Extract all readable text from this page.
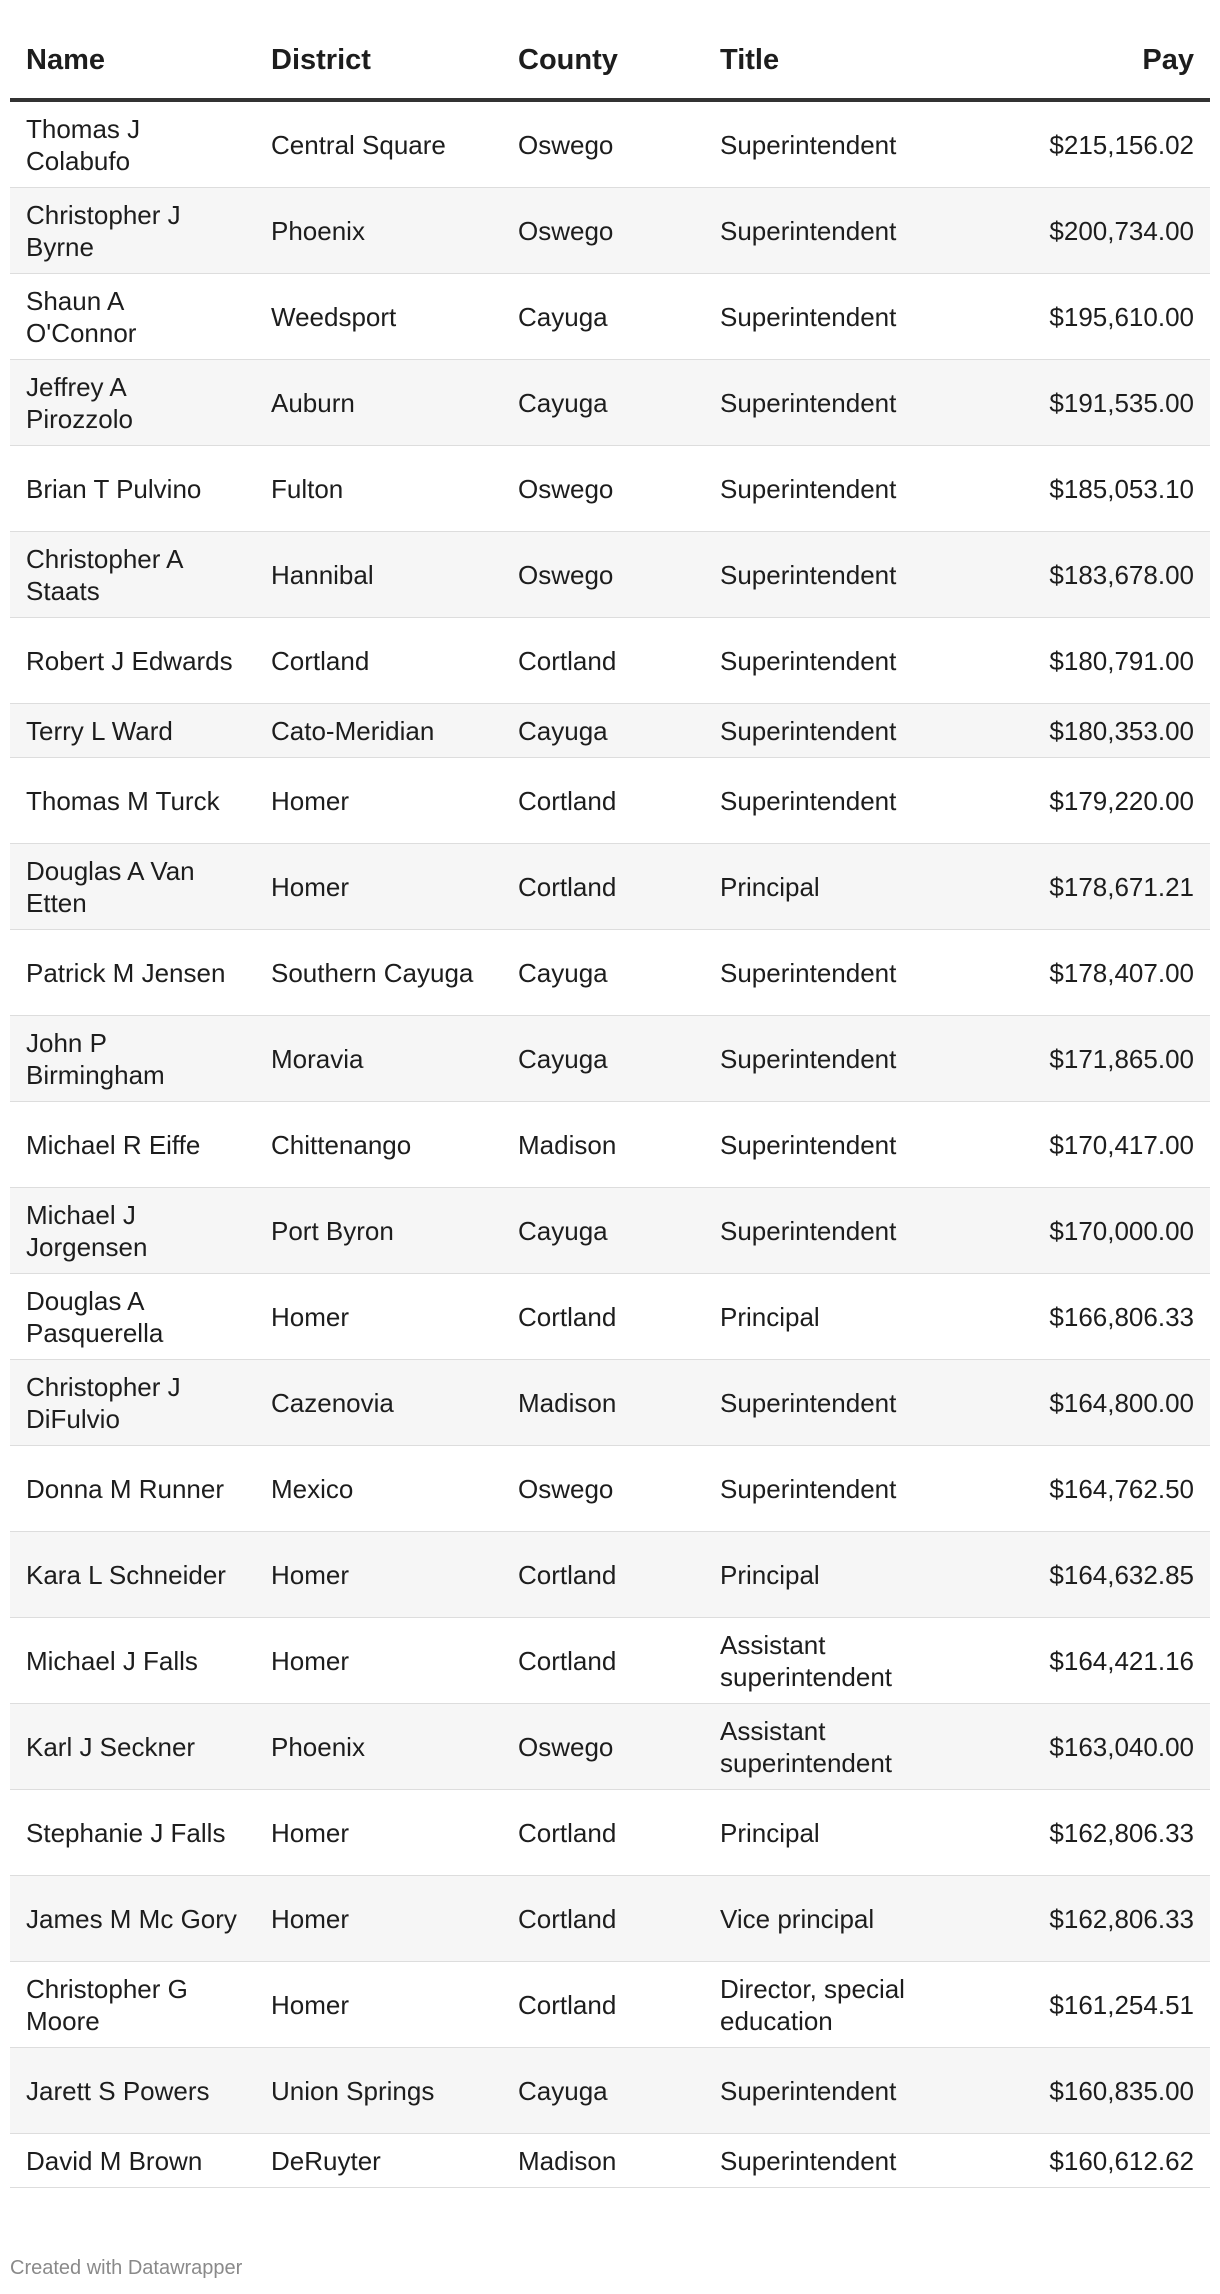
Name	District	County	Title	Pay
Thomas J Colabufo	Central Square	Oswego	Superintendent	$215,156.02
Christopher J Byrne	Phoenix	Oswego	Superintendent	$200,734.00
Shaun A O'Connor	Weedsport	Cayuga	Superintendent	$195,610.00
Jeffrey A Pirozzolo	Auburn	Cayuga	Superintendent	$191,535.00
Brian T Pulvino	Fulton	Oswego	Superintendent	$185,053.10
Christopher A Staats	Hannibal	Oswego	Superintendent	$183,678.00
Robert J Edwards	Cortland	Cortland	Superintendent	$180,791.00
Terry L Ward	Cato-Meridian	Cayuga	Superintendent	$180,353.00
Thomas M Turck	Homer	Cortland	Superintendent	$179,220.00
Douglas A Van Etten	Homer	Cortland	Principal	$178,671.21
Patrick M Jensen	Southern Cayuga	Cayuga	Superintendent	$178,407.00
John P Birmingham	Moravia	Cayuga	Superintendent	$171,865.00
Michael R Eiffe	Chittenango	Madison	Superintendent	$170,417.00
Michael J Jorgensen	Port Byron	Cayuga	Superintendent	$170,000.00
Douglas A Pasquerella	Homer	Cortland	Principal	$166,806.33
Christopher J DiFulvio	Cazenovia	Madison	Superintendent	$164,800.00
Donna M Runner	Mexico	Oswego	Superintendent	$164,762.50
Kara L Schneider	Homer	Cortland	Principal	$164,632.85
Michael J Falls	Homer	Cortland	Assistant superintendent	$164,421.16
Karl J Seckner	Phoenix	Oswego	Assistant superintendent	$163,040.00
Stephanie J Falls	Homer	Cortland	Principal	$162,806.33
James M Mc Gory	Homer	Cortland	Vice principal	$162,806.33
Christopher G Moore	Homer	Cortland	Director, special education	$161,254.51
Jarett S Powers	Union Springs	Cayuga	Superintendent	$160,835.00
David M Brown	DeRuyter	Madison	Superintendent	$160,612.62
Created with Datawrapper
